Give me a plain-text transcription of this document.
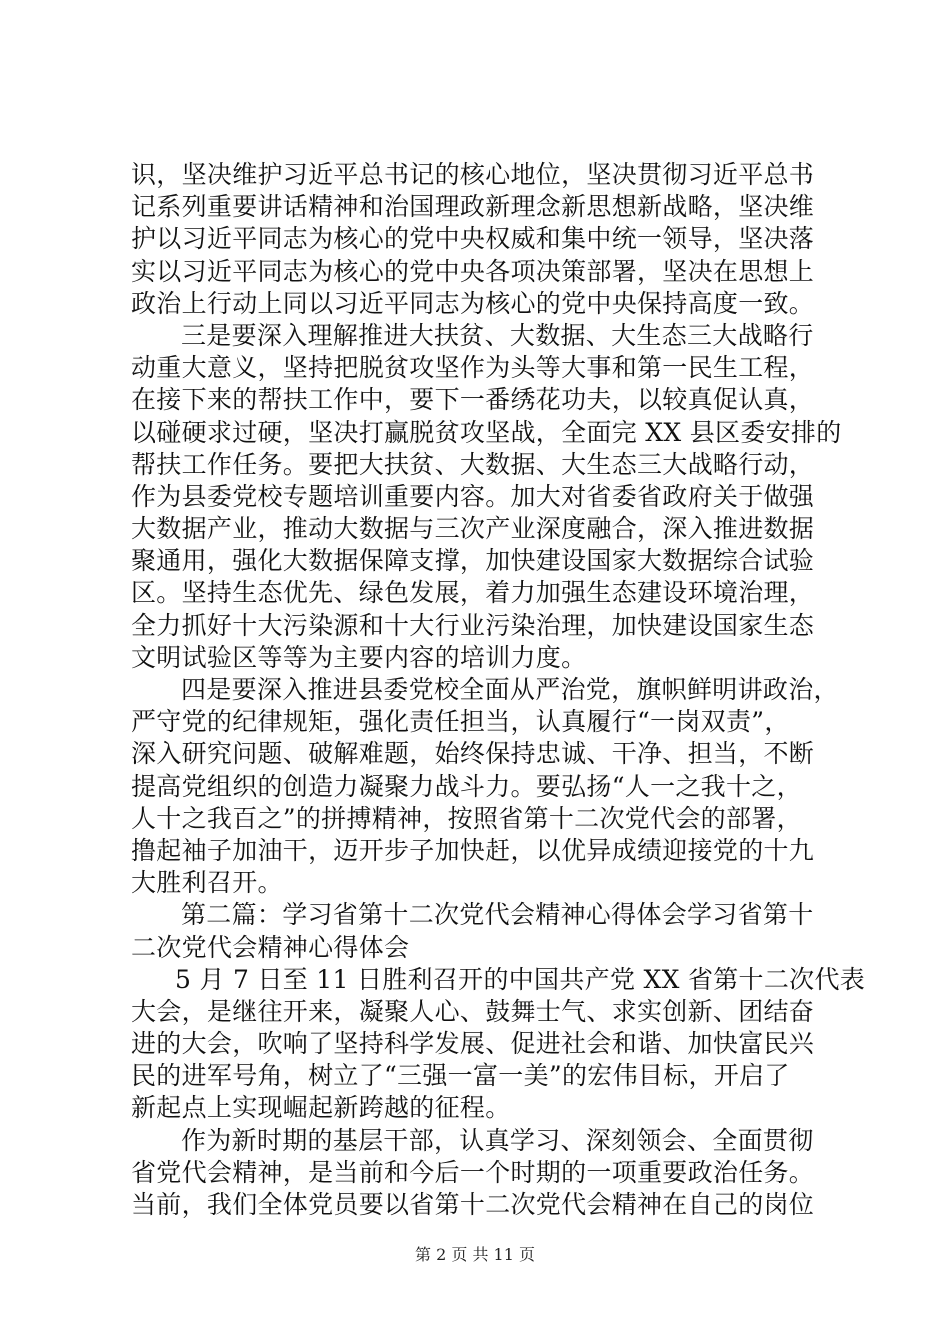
识，坚决维护习近平总书记的核心地位，坚决贯彻习近平总书
记系列重要讲话精神和治国理政新理念新思想新战略，坚决维
护以习近平同志为核心的党中央权威和集中统一领导，坚决落
实以习近平同志为核心的党中央各项决策部署，坚决在思想上
政治上行动上同以习近平同志为核心的党中央保持高度一致。
三是要深入理解推进大扶贫、大数据、大生态三大战略行
动重大意义，坚持把脱贫攻坚作为头等大事和第一民生工程，
在接下来的帮扶工作中，要下一番绣花功夫，以较真促认真，
以碰硬求过硬，坚决打赢脱贫攻坚战，全面完 XX 县区委安排的
帮扶工作任务。要把大扶贫、大数据、大生态三大战略行动，
作为县委党校专题培训重要内容。加大对省委省政府关于做强
大数据产业，推动大数据与三次产业深度融合，深入推进数据
聚通用，强化大数据保障支撑，加快建设国家大数据综合试验
区。坚持生态优先、绿色发展，着力加强生态建设环境治理，
全力抓好十大污染源和十大行业污染治理，加快建设国家生态
文明试验区等等为主要内容的培训力度。
四是要深入推进县委党校全面从严治党，旗帜鲜明讲政治，
严守党的纪律规矩，强化责任担当，认真履行“一岗双责”，
深入研究问题、破解难题，始终保持忠诚、干净、担当，不断
提高党组织的创造力凝聚力战斗力。要弘扬“人一之我十之，
人十之我百之”的拼搏精神，按照省第十二次党代会的部署，
撸起袖子加油干，迈开步子加快赶，以优异成绩迎接党的十九
大胜利召开。
第二篇：学习省第十二次党代会精神心得体会学习省第十
二次党代会精神心得体会
5 月 7 日至 11 日胜利召开的中国共产党 XX 省第十二次代表
大会，是继往开来，凝聚人心、鼓舞士气、求实创新、团结奋
进的大会，吹响了坚持科学发展、促进社会和谐、加快富民兴
民的进军号角，树立了“三强一富一美”的宏伟目标，开启了
新起点上实现崛起新跨越的征程。
作为新时期的基层干部，认真学习、深刻领会、全面贯彻
省党代会精神，是当前和今后一个时期的一项重要政治任务。
当前，我们全体党员要以省第十二次党代会精神在自己的岗位
第 2 页 共 11 页
